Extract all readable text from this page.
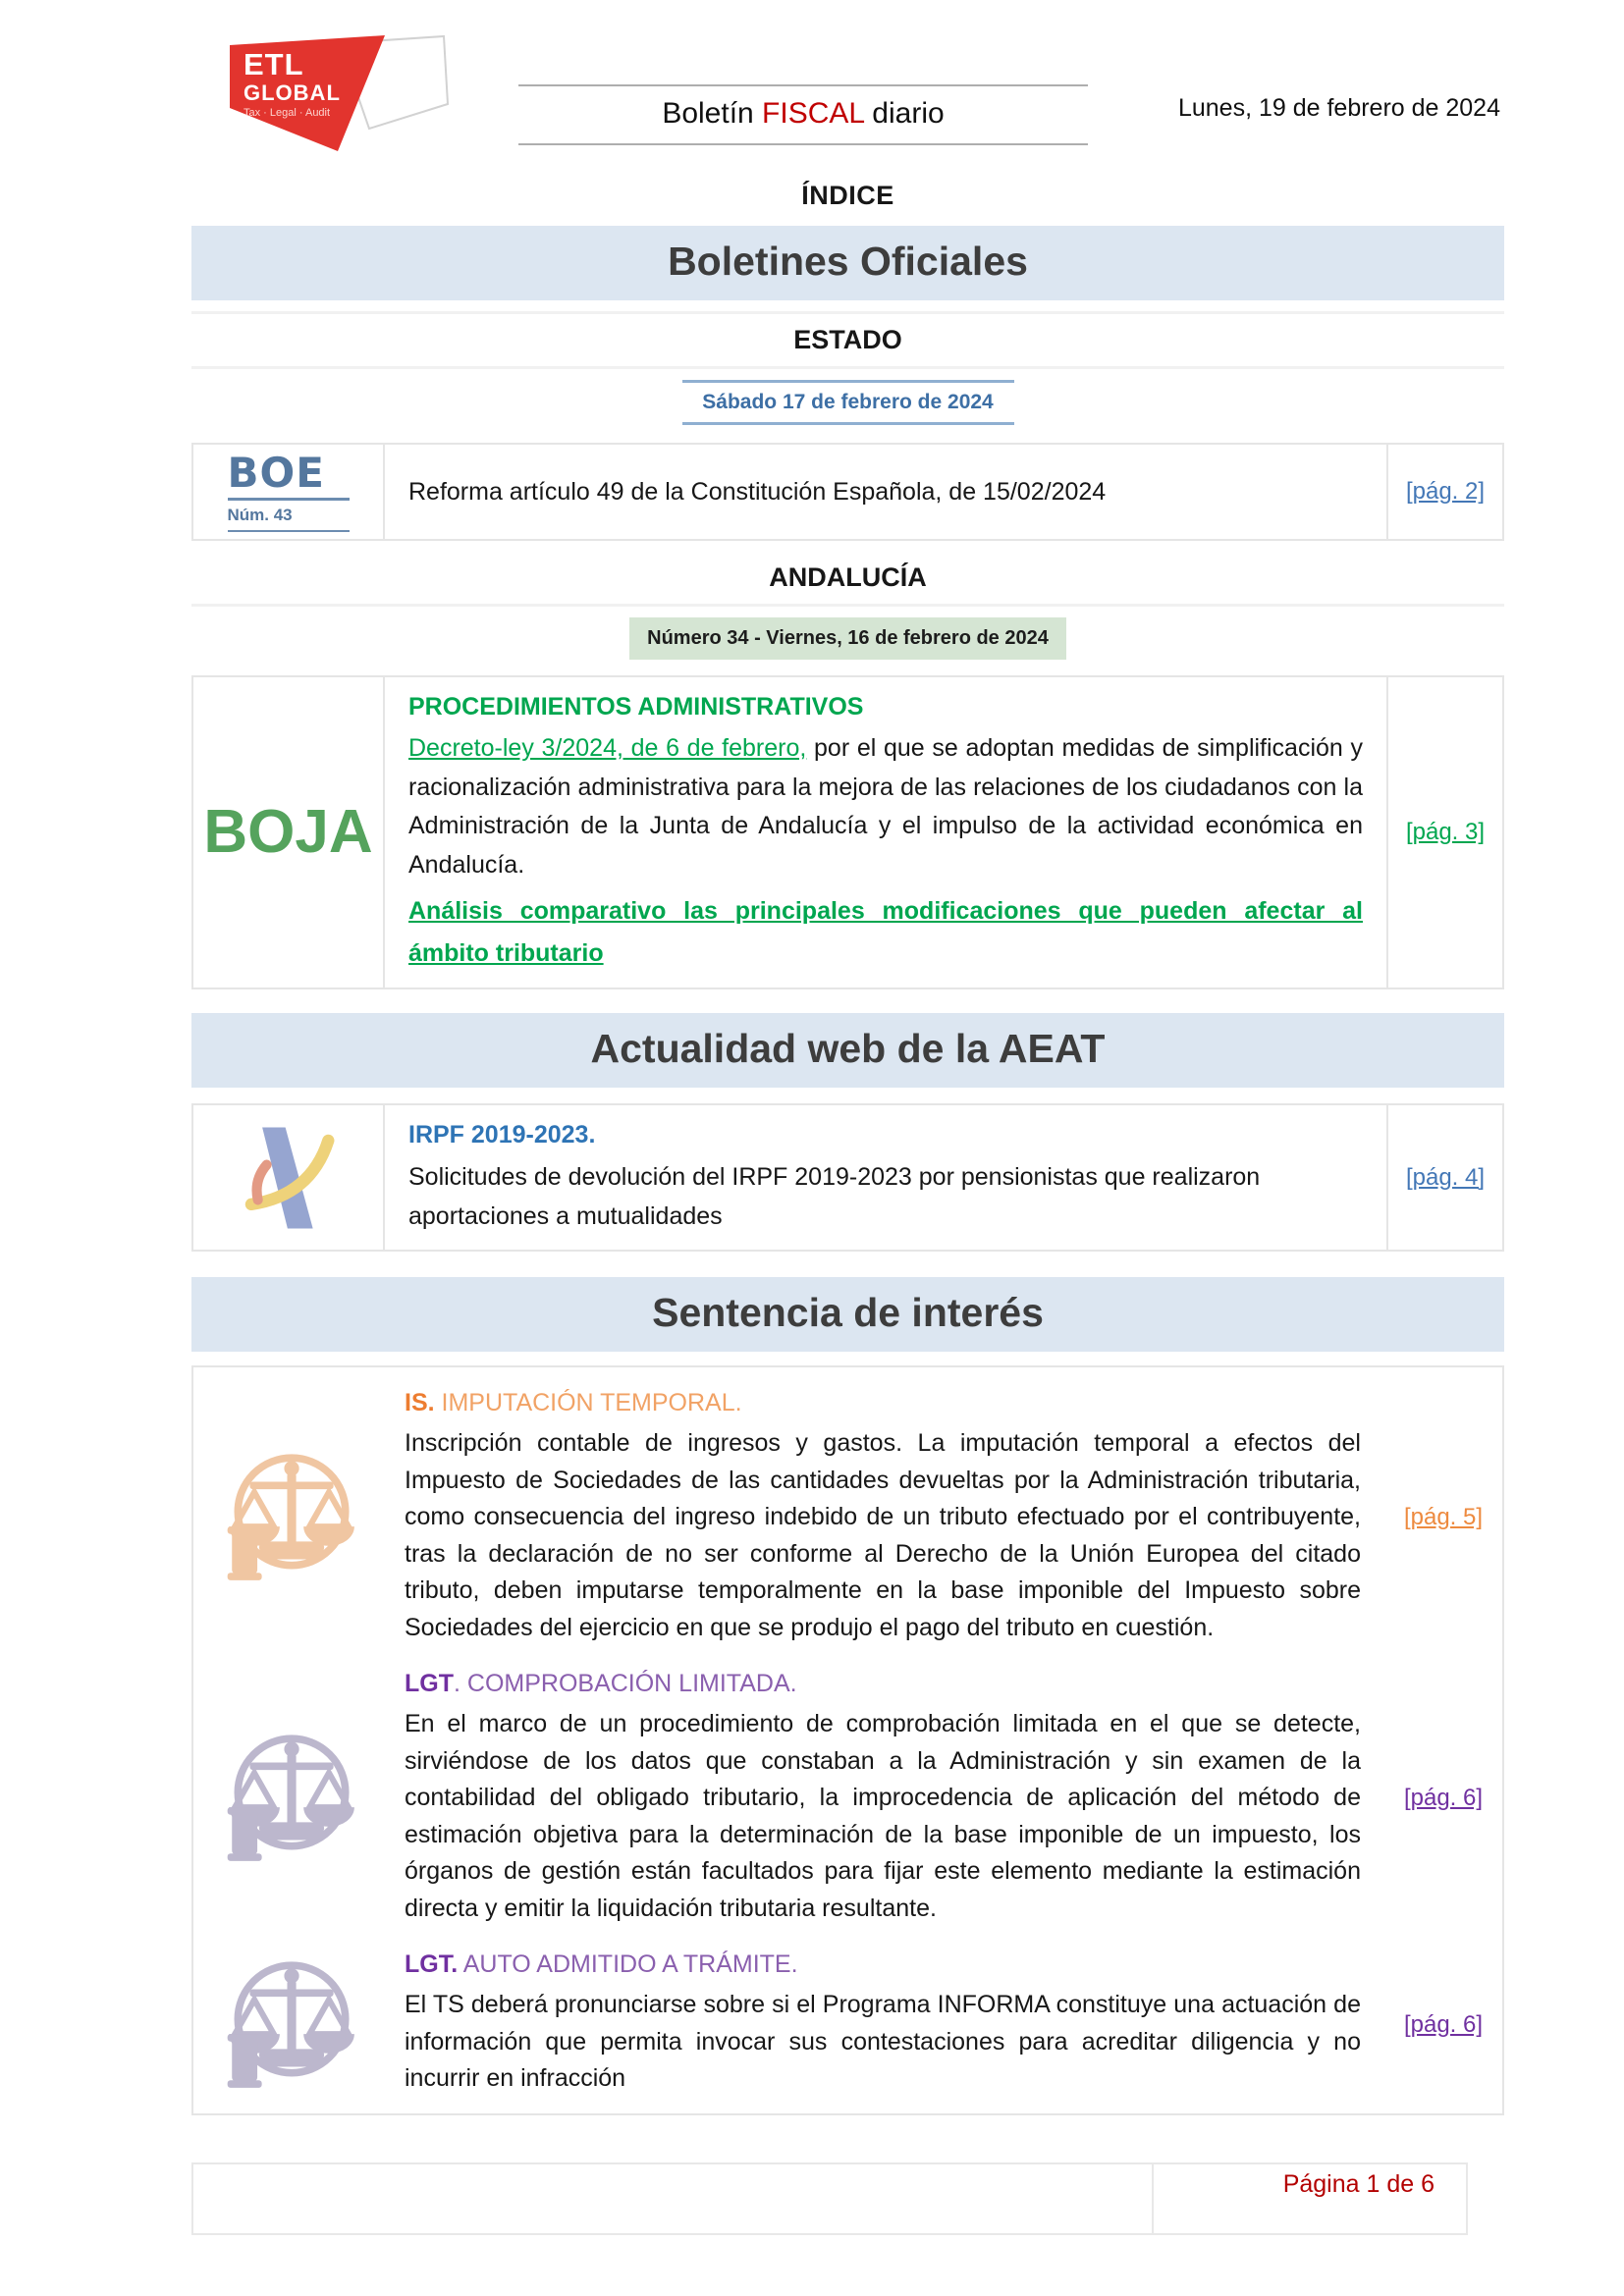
ETL
GLOBAL
Tax · Legal · Audit	Boletín FISCAL diario	Lunes, 19 de febrero de 2024
ÍNDICE
Boletines Oficiales
ESTADO
Sábado 17 de febrero de 2024
BOE
Núm. 43
Reforma artículo 49 de la Constitución Española, de 15/02/2024	[pág. 2]
ANDALUCÍA
Número 34 - Viernes, 16 de febrero de 2024
BOJA
PROCEDIMIENTOS ADMINISTRATIVOS

Decreto-ley 3/2024, de 6 de febrero, por el que se adoptan medidas de simplificación y racionalización administrativa para la mejora de las relaciones de los ciudadanos con la Administración de la Junta de Andalucía y el impulso de la actividad económica en Andalucía.

Análisis comparativo las principales modificaciones que pueden afectar al ámbito tributario
[pág. 3]
Actualidad web de la AEAT
IRPF 2019-2023.
Solicitudes de devolución del IRPF 2019-2023 por pensionistas que realizaron aportaciones a mutualidades
[pág. 4]
Sentencia de interés
IS. IMPUTACIÓN TEMPORAL.

Inscripción contable de ingresos y gastos. La imputación temporal a efectos del Impuesto de Sociedades de las cantidades devueltas por la Administración tributaria, como consecuencia del ingreso indebido de un tributo efectuado por el contribuyente, tras la declaración de no ser conforme al Derecho de la Unión Europea del citado tributo, deben imputarse temporalmente en la base imponible del Impuesto sobre Sociedades del ejercicio en que se produjo el pago del tributo en cuestión.

[pág. 5]
LGT. COMPROBACIÓN LIMITADA.

En el marco de un procedimiento de comprobación limitada en el que se detecte, sirviéndose de los datos que constaban a la Administración y sin examen de la contabilidad del obligado tributario, la improcedencia de aplicación del método de estimación objetiva para la determinación de la base imponible de un impuesto, los órganos de gestión están facultados para fijar este elemento mediante la estimación directa y emitir la liquidación tributaria resultante.

[pág. 6]
LGT. AUTO ADMITIDO A TRÁMITE.

El TS deberá pronunciarse sobre si el Programa INFORMA constituye una actuación de información que permita invocar sus contestaciones para acreditar diligencia y no incurrir en infracción

[pág. 6]
Página 1 de 6
